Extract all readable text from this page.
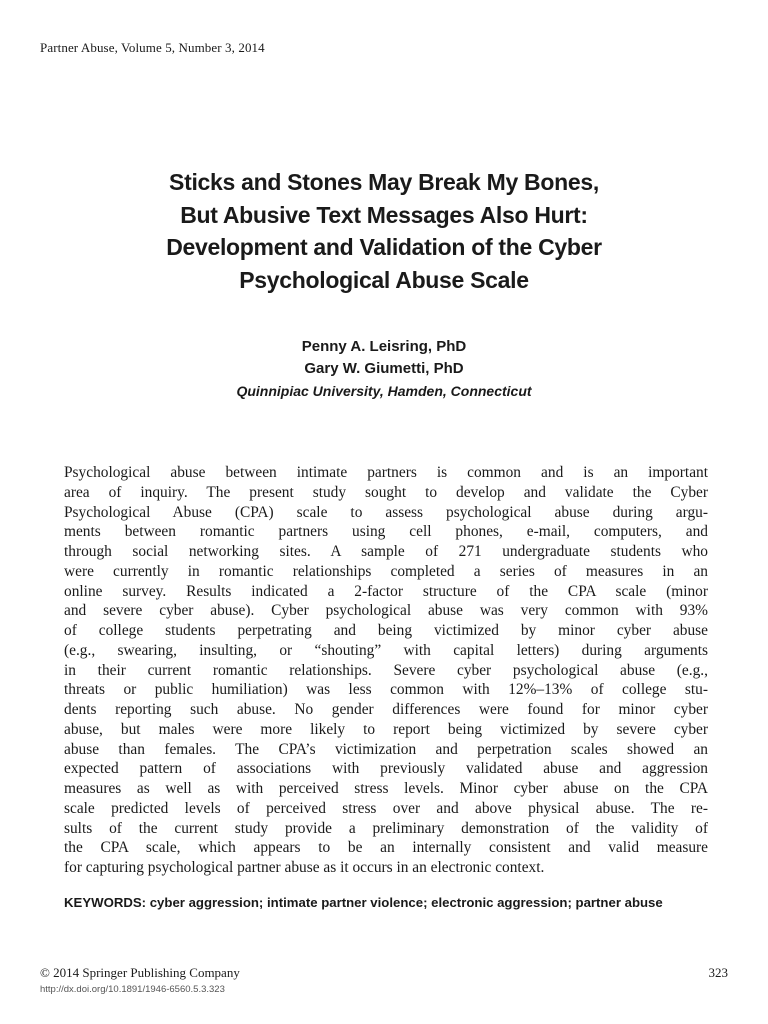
Partner Abuse, Volume 5, Number 3, 2014
Sticks and Stones May Break My Bones,
But Abusive Text Messages Also Hurt:
Development and Validation of the Cyber
Psychological Abuse Scale
Penny A. Leisring, PhD
Gary W. Giumetti, PhD
Quinnipiac University, Hamden, Connecticut
Psychological abuse between intimate partners is common and is an important
area of inquiry. The present study sought to develop and validate the Cyber
Psychological Abuse (CPA) scale to assess psychological abuse during argu-
ments between romantic partners using cell phones, e-mail, computers, and
through social networking sites. A sample of 271 undergraduate students who
were currently in romantic relationships completed a series of measures in an
online survey. Results indicated a 2-factor structure of the CPA scale (minor
and severe cyber abuse). Cyber psychological abuse was very common with 93%
of college students perpetrating and being victimized by minor cyber abuse
(e.g., swearing, insulting, or “shouting” with capital letters) during arguments
in their current romantic relationships. Severe cyber psychological abuse (e.g.,
threats or public humiliation) was less common with 12%–13% of college stu-
dents reporting such abuse. No gender differences were found for minor cyber
abuse, but males were more likely to report being victimized by severe cyber
abuse than females. The CPA’s victimization and perpetration scales showed an
expected pattern of associations with previously validated abuse and aggression
measures as well as with perceived stress levels. Minor cyber abuse on the CPA
scale predicted levels of perceived stress over and above physical abuse. The re-
sults of the current study provide a preliminary demonstration of the validity of
the CPA scale, which appears to be an internally consistent and valid measure
for capturing psychological partner abuse as it occurs in an electronic context.
KEYWORDS: cyber aggression; intimate partner violence; electronic aggression; partner abuse
© 2014 Springer Publishing Company
http://dx.doi.org/10.1891/1946-6560.5.3.323
323
